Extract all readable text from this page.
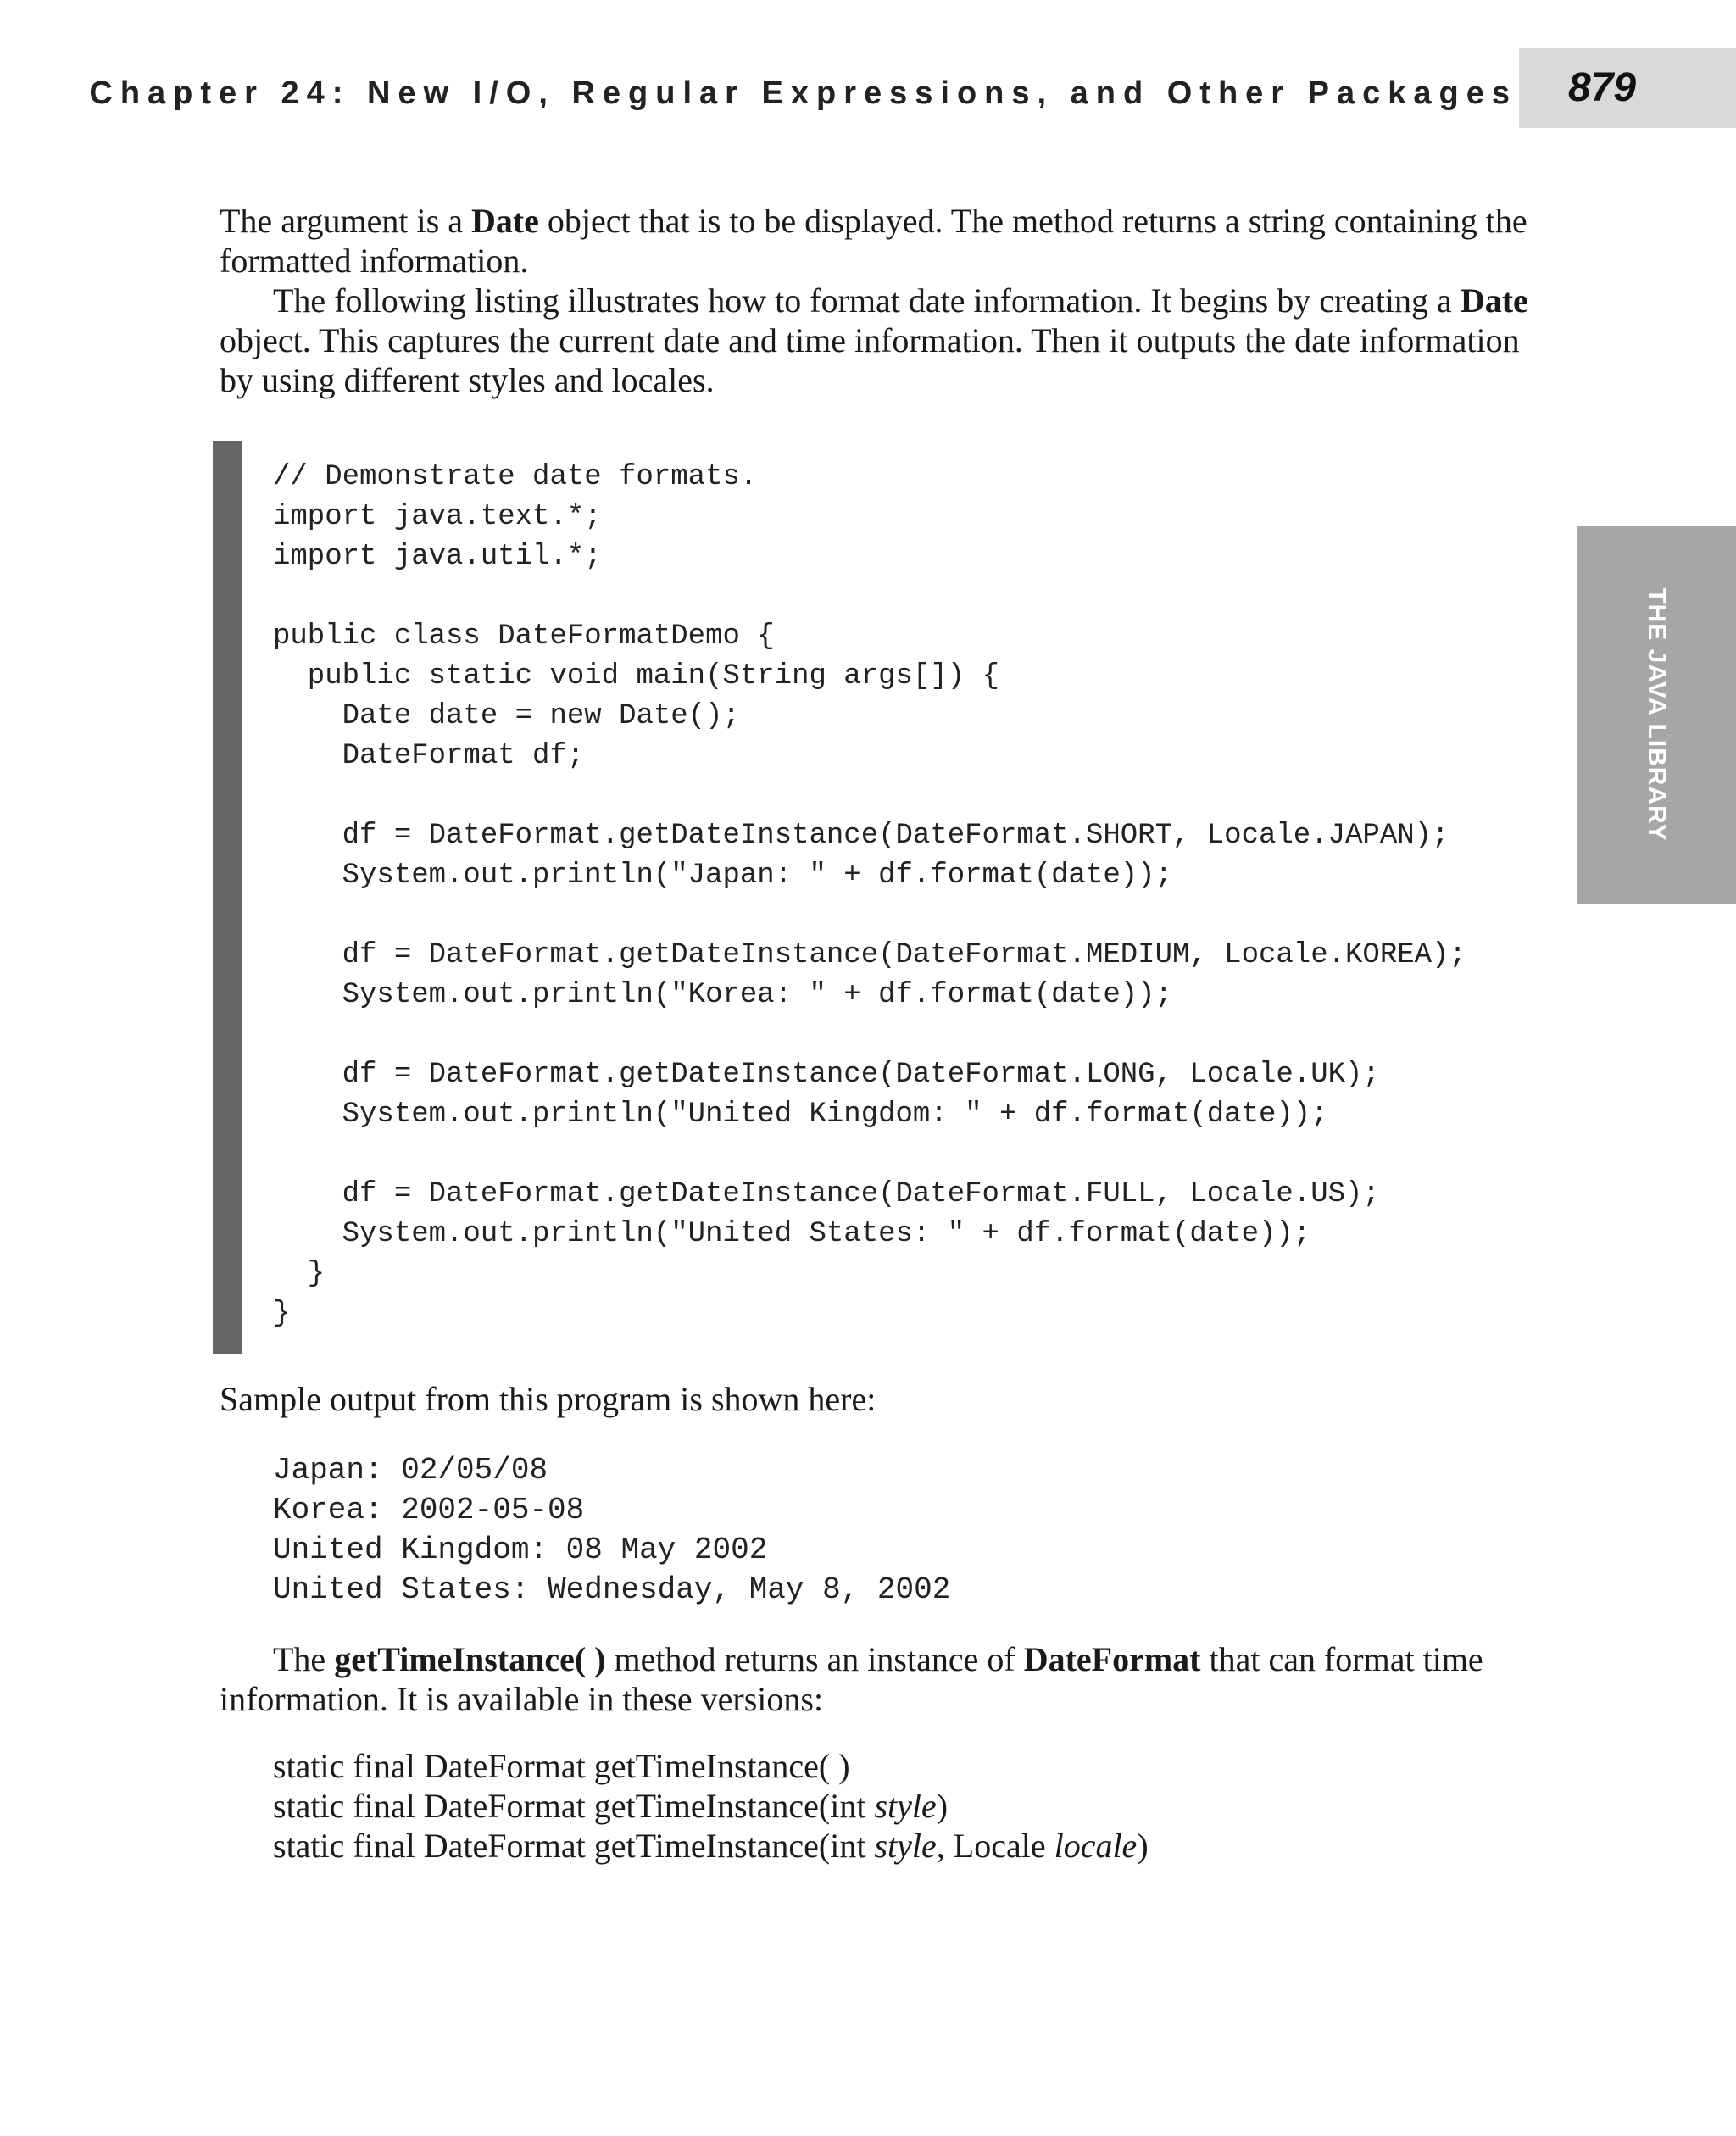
Chapter 24: New I/O, Regular Expressions, and Other Packages	879
THE JAVA LIBRARY
The argument is a Date object that is to be displayed. The method returns a string containing the formatted information.
The following listing illustrates how to format date information. It begins by creating a Date object. This captures the current date and time information. Then it outputs the date information by using different styles and locales.
// Demonstrate date formats.
import java.text.*;
import java.util.*;

public class DateFormatDemo {
public static void main(String args[]) {
Date date = new Date();
DateFormat df;

df = DateFormat.getDateInstance(DateFormat.SHORT, Locale.JAPAN);
System.out.println("Japan: " + df.format(date));

df = DateFormat.getDateInstance(DateFormat.MEDIUM, Locale.KOREA);
System.out.println("Korea: " + df.format(date));

df = DateFormat.getDateInstance(DateFormat.LONG, Locale.UK);
System.out.println("United Kingdom: " + df.format(date));

df = DateFormat.getDateInstance(DateFormat.FULL, Locale.US);
System.out.println("United States: " + df.format(date));
}
}
Sample output from this program is shown here:
Japan: 02/05/08
Korea: 2002-05-08
United Kingdom: 08 May 2002
United States: Wednesday, May 8, 2002
The getTimeInstance( ) method returns an instance of DateFormat that can format time information. It is available in these versions:
static final DateFormat getTimeInstance( )
static final DateFormat getTimeInstance(int style)
static final DateFormat getTimeInstance(int style, Locale locale)
